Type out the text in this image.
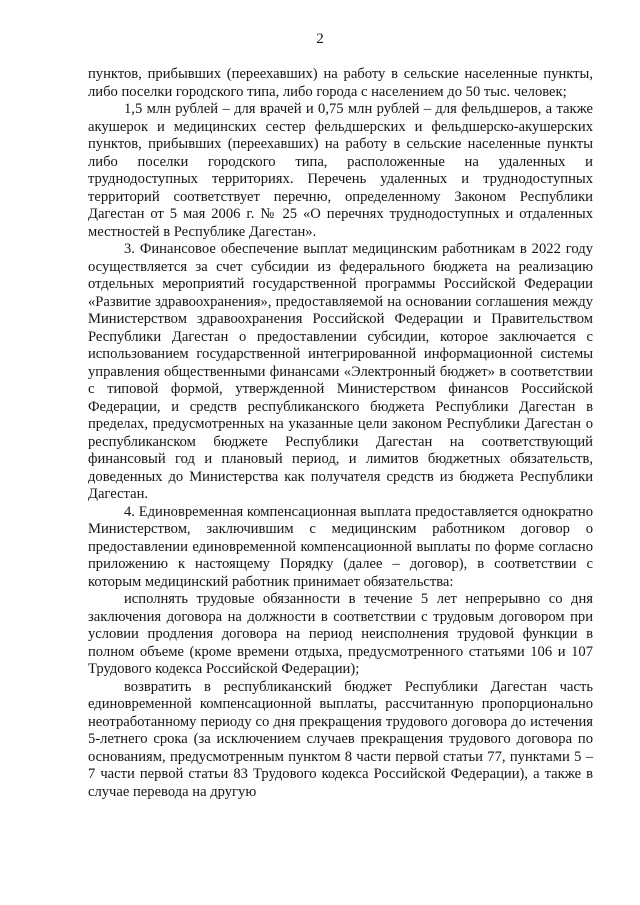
2

пунктов, прибывших (переехавших) на работу в сельские населенные пункты, либо поселки городского типа, либо города с населением до 50 тыс. человек;

1,5 млн рублей – для врачей и 0,75 млн рублей – для фельдшеров, а также акушерок и медицинских сестер фельдшерских и фельдшерско-акушерских пунктов, прибывших (переехавших) на работу в сельские населенные пункты либо поселки городского типа, расположенные на удаленных и труднодоступных территориях. Перечень удаленных и труднодоступных территорий соответствует перечню, определенному Законом Республики Дагестан от 5 мая 2006 г. № 25 «О перечнях труднодоступных и отдаленных местностей в Республике Дагестан».

3. Финансовое обеспечение выплат медицинским работникам в 2022 году осуществляется за счет субсидии из федерального бюджета на реализацию отдельных мероприятий государственной программы Российской Федерации «Развитие здравоохранения», предоставляемой на основании соглашения между Министерством здравоохранения Российской Федерации и Правительством Республики Дагестан о предоставлении субсидии, которое заключается с использованием государственной интегрированной информационной системы управления общественными финансами «Электронный бюджет» в соответствии с типовой формой, утвержденной Министерством финансов Российской Федерации, и средств республиканского бюджета Республики Дагестан в пределах, предусмотренных на указанные цели законом Республики Дагестан о республиканском бюджете Республики Дагестан на соответствующий финансовый год и плановый период, и лимитов бюджетных обязательств, доведенных до Министерства как получателя средств из бюджета Республики Дагестан.

4. Единовременная компенсационная выплата предоставляется однократно Министерством, заключившим с медицинским работником договор о предоставлении единовременной компенсационной выплаты по форме согласно приложению к настоящему Порядку (далее – договор), в соответствии с которым медицинский работник принимает обязательства:

исполнять трудовые обязанности в течение 5 лет непрерывно со дня заключения договора на должности в соответствии с трудовым договором при условии продления договора на период неисполнения трудовой функции в полном объеме (кроме времени отдыха, предусмотренного статьями 106 и 107 Трудового кодекса Российской Федерации);

возвратить в республиканский бюджет Республики Дагестан часть единовременной компенсационной выплаты, рассчитанную пропорционально неотработанному периоду со дня прекращения трудового договора до истечения 5-летнего срока (за исключением случаев прекращения трудового договора по основаниям, предусмотренным пунктом 8 части первой статьи 77, пунктами 5 – 7 части первой статьи 83 Трудового кодекса Российской Федерации), а также в случае перевода на другую
